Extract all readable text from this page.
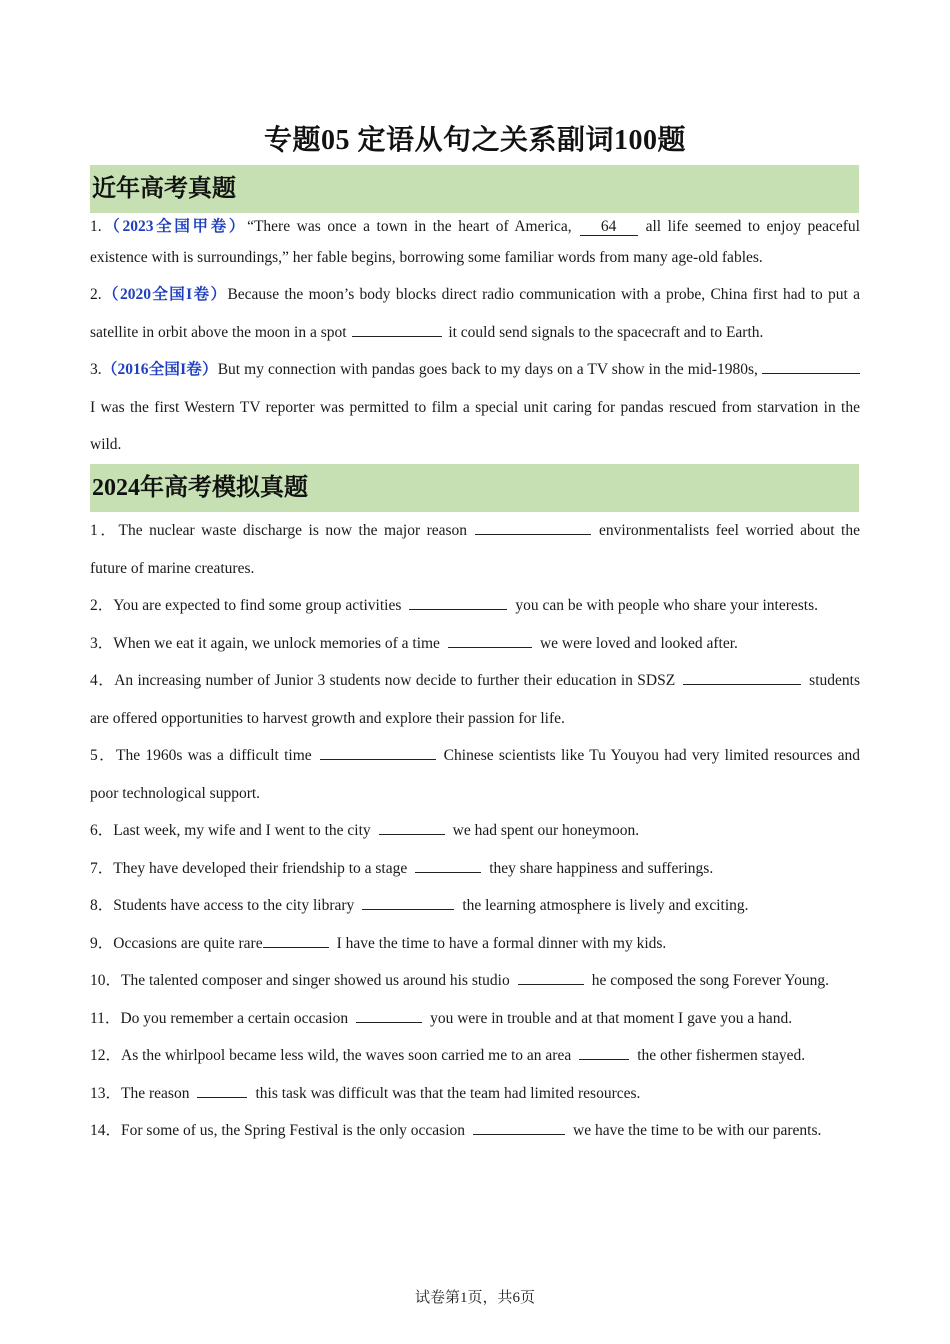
专题05 定语从句之关系副词100题
近年高考真题
1.（2023全国甲卷）“There was once a town in the heart of America, 64 all life seemed to enjoy peaceful existence with is surroundings,” her fable begins, borrowing some familiar words from many age-old fables.
2.（2020全国I卷）Because the moon’s body blocks direct radio communication with a probe, China first had to put a satellite in orbit above the moon in a spot	it could send signals to the spacecraft and to Earth.
3.（2016全国I卷）But my connection with pandas goes back to my days on a TV show in the mid-1980s, I was the first Western TV reporter was permitted to film a special unit caring for pandas rescued from starvation in the wild.
2024年高考模拟真题
1．The nuclear waste discharge is now the major reason	environmentalists feel worried about the future of marine creatures.
2．You are expected to find some group activities	you can be with people who share your interests.
3．When we eat it again, we unlock memories of a time	we were loved and looked after.
4．An increasing number of Junior 3 students now decide to further their education in SDSZ	students are offered opportunities to harvest growth and explore their passion for life.
5．The 1960s was a difficult time	Chinese scientists like Tu Youyou had very limited resources and poor technological support.
6．Last week, my wife and I went to the city	we had spent our honeymoon.
7．They have developed their friendship to a stage	they share happiness and sufferings.
8．Students have access to the city library	the learning atmosphere is lively and exciting.
9．Occasions are quite rare	I have the time to have a formal dinner with my kids.
10．The talented composer and singer showed us around his studio	he composed the song Forever Young.
11．Do you remember a certain occasion	you were in trouble and at that moment I gave you a hand.
12．As the whirlpool became less wild, the waves soon carried me to an area	the other fishermen stayed.
13．The reason	this task was difficult was that the team had limited resources.
14．For some of us, the Spring Festival is the only occasion	we have the time to be with our parents.
试卷第1页，共6页
